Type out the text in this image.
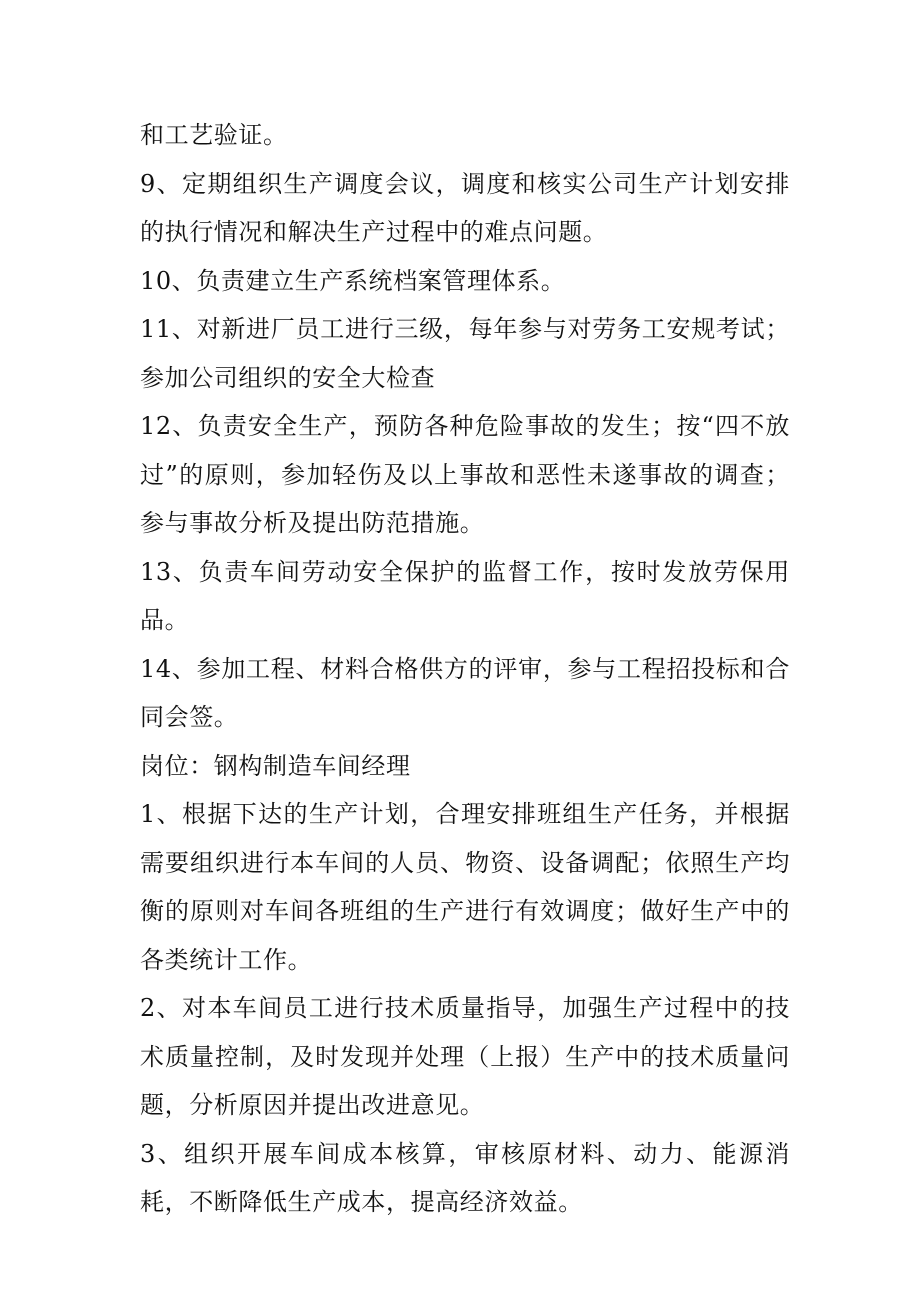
和工艺验证。

9、定期组织生产调度会议，调度和核实公司生产计划安排的执行情况和解决生产过程中的难点问题。

10、负责建立生产系统档案管理体系。

11、对新进厂员工进行三级，每年参与对劳务工安规考试；参加公司组织的安全大检查

12、负责安全生产，预防各种危险事故的发生；按“四不放过”的原则，参加轻伤及以上事故和恶性未遂事故的调查；参与事故分析及提出防范措施。

13、负责车间劳动安全保护的监督工作，按时发放劳保用品。

14、参加工程、材料合格供方的评审，参与工程招投标和合同会签。

岗位：钢构制造车间经理

1、根据下达的生产计划，合理安排班组生产任务，并根据需要组织进行本车间的人员、物资、设备调配；依照生产均衡的原则对车间各班组的生产进行有效调度；做好生产中的各类统计工作。

2、对本车间员工进行技术质量指导，加强生产过程中的技术质量控制，及时发现并处理（上报）生产中的技术质量问题，分析原因并提出改进意见。

3、组织开展车间成本核算，审核原材料、动力、能源消耗，不断降低生产成本，提高经济效益。
